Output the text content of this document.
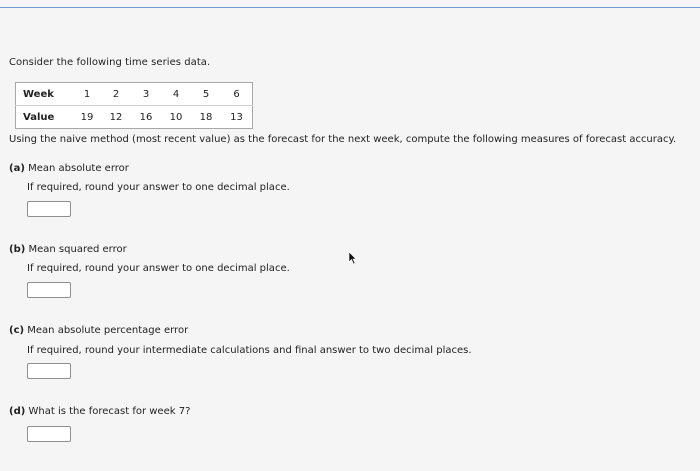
Consider the following time series data.
Week	1	2	3	4	5	6
Value	19	12	16	10	18	13
Using the naive method (most recent value) as the forecast for the next week, compute the following measures of forecast accuracy.
(a) Mean absolute error
If required, round your answer to one decimal place.
(b) Mean squared error
If required, round your answer to one decimal place.
(c) Mean absolute percentage error
If required, round your intermediate calculations and final answer to two decimal places.
(d) What is the forecast for week 7?
